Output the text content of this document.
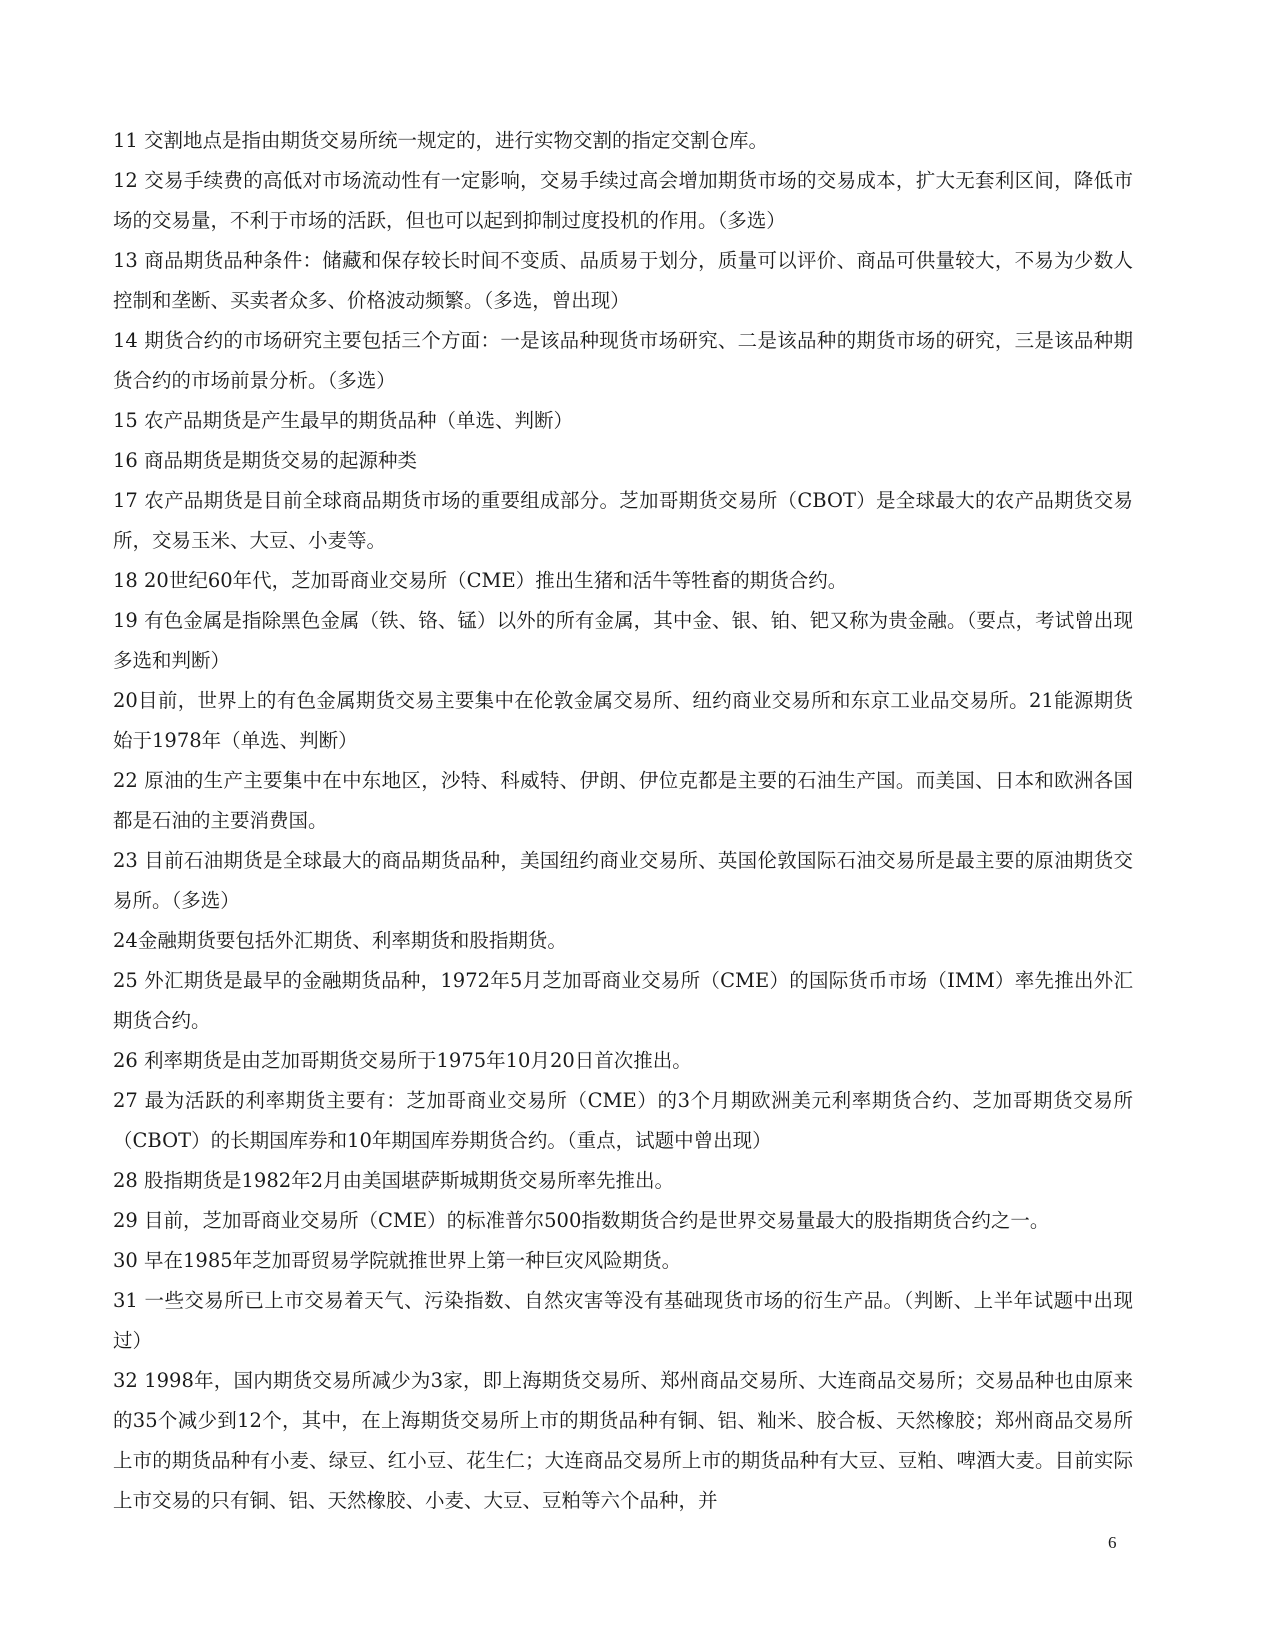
11 交割地点是指由期货交易所统一规定的，进行实物交割的指定交割仓库。

12 交易手续费的高低对市场流动性有一定影响，交易手续过高会增加期货市场的交易成本，扩大无套利区间，降低市场的交易量，不利于市场的活跃，但也可以起到抑制过度投机的作用。（多选）

13 商品期货品种条件：储藏和保存较长时间不变质、品质易于划分，质量可以评价、商品可供量较大，不易为少数人控制和垄断、买卖者众多、价格波动频繁。（多选，曾出现）

14 期货合约的市场研究主要包括三个方面：一是该品种现货市场研究、二是该品种的期货市场的研究，三是该品种期货合约的市场前景分析。（多选）

15 农产品期货是产生最早的期货品种（单选、判断）

16 商品期货是期货交易的起源种类

17 农产品期货是目前全球商品期货市场的重要组成部分。芝加哥期货交易所（CBOT）是全球最大的农产品期货交易所，交易玉米、大豆、小麦等。

18 20世纪60年代，芝加哥商业交易所（CME）推出生猪和活牛等牲畜的期货合约。

19 有色金属是指除黑色金属（铁、铬、锰）以外的所有金属，其中金、银、铂、钯又称为贵金融。（要点，考试曾出现多选和判断）

20目前，世界上的有色金属期货交易主要集中在伦敦金属交易所、纽约商业交易所和东京工业品交易所。21能源期货始于1978年（单选、判断）

22 原油的生产主要集中在中东地区，沙特、科威特、伊朗、伊位克都是主要的石油生产国。而美国、日本和欧洲各国都是石油的主要消费国。

23 目前石油期货是全球最大的商品期货品种，美国纽约商业交易所、英国伦敦国际石油交易所是最主要的原油期货交易所。（多选）

24金融期货要包括外汇期货、利率期货和股指期货。

25 外汇期货是最早的金融期货品种，1972年5月芝加哥商业交易所（CME）的国际货币市场（IMM）率先推出外汇期货合约。

26 利率期货是由芝加哥期货交易所于1975年10月20日首次推出。

27 最为活跃的利率期货主要有：芝加哥商业交易所（CME）的3个月期欧洲美元利率期货合约、芝加哥期货交易所（CBOT）的长期国库券和10年期国库券期货合约。（重点，试题中曾出现）

28 股指期货是1982年2月由美国堪萨斯城期货交易所率先推出。

29 目前，芝加哥商业交易所（CME）的标准普尔500指数期货合约是世界交易量最大的股指期货合约之一。

30 早在1985年芝加哥贸易学院就推世界上第一种巨灾风险期货。

31 一些交易所已上市交易着天气、污染指数、自然灾害等没有基础现货市场的衍生产品。（判断、上半年试题中出现过）

32 1998年，国内期货交易所减少为3家，即上海期货交易所、郑州商品交易所、大连商品交易所；交易品种也由原来的35个减少到12个，其中，在上海期货交易所上市的期货品种有铜、铝、籼米、胶合板、天然橡胶；郑州商品交易所上市的期货品种有小麦、绿豆、红小豆、花生仁；大连商品交易所上市的期货品种有大豆、豆粕、啤酒大麦。目前实际上市交易的只有铜、铝、天然橡胶、小麦、大豆、豆粕等六个品种，并

6
